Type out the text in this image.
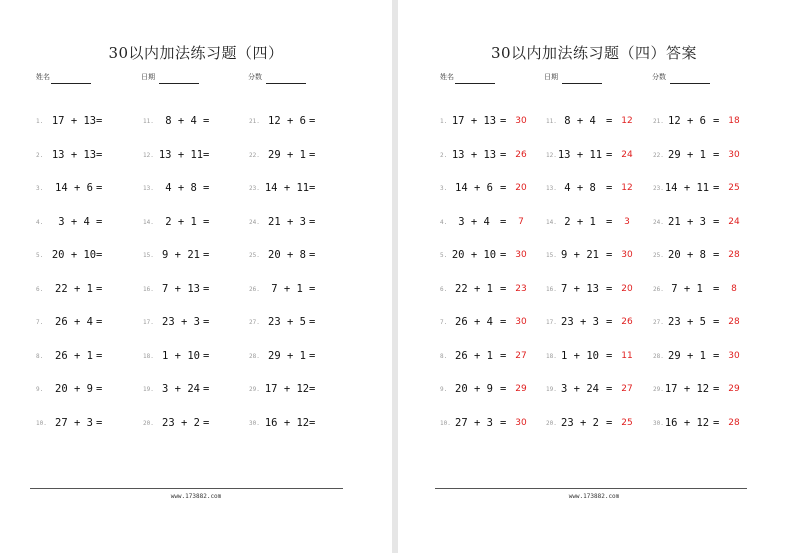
30以内加法练习题（四）
姓名	日期	分数
1. 17 + 13 =
2. 13 + 13 =
3.	14 + 6 =
4.	3 + 4 =
5. 20 + 10 =
6.	22 + 1 =
7.	26 + 4 =
8.	26 + 1 =
9.	20 + 9 =
10. 27 + 3 =
11.	8 + 4 =
12. 13 + 11 =
13.	4 + 8 =
14.	2 + 1 =
15. 9 + 21 =
16. 7 + 13 =
17. 23 + 3 =
18. 1 + 10 =
19. 3 + 24 =
20. 23 + 2 =
21. 12 + 6 =
22. 29 + 1 =
23. 14 + 11 =
24. 21 + 3 =
25. 20 + 8 =
26.	7 + 1 =
27. 23 + 5 =
28. 29 + 1 =
29. 17 + 12 =
30. 16 + 12 =
www.173882.com
30以内加法练习题（四）答案
姓名	日期	分数
1. 17 + 13 = 30
2. 13 + 13 = 26
3. 14 + 6 = 20
4.	3 + 4 =	7
5. 20 + 10 = 30
6. 22 + 1 = 23
7. 26 + 4 = 30
8. 26 + 1 = 27
9. 20 + 9 = 29
10. 27 + 3 = 30
11. 8 + 4 = 12
12. 13 + 11 = 24
13. 4 + 8 = 12
14. 2 + 1 =	3
15. 9 + 21 = 30
16. 7 + 13 = 20
17. 23 + 3 = 26
18. 1 + 10 = 11
19. 3 + 24 = 27
20. 23 + 2 = 25
21. 12 + 6 = 18
22. 29 + 1 = 30
23. 14 + 11 = 25
24. 21 + 3 = 24
25. 20 + 8 = 28
26. 7 + 1 =	8
27. 23 + 5 = 28
28. 29 + 1 = 30
29. 17 + 12 = 29
30. 16 + 12 = 28
www.173882.com
